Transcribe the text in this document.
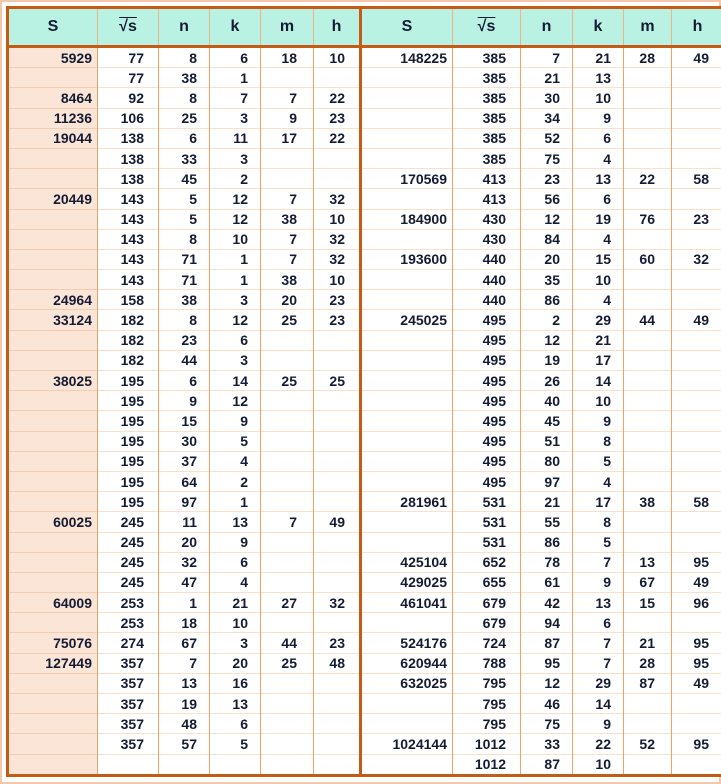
S	√s	n	k	m	h
5929	77	8	6	18	10
	77	38	1		
8464	92	8	7	7	22
11236	106	25	3	9	23
19044	138	6	11	17	22
	138	33	3		
	138	45	2		
20449	143	5	12	7	32
	143	5	12	38	10
	143	8	10	7	32
	143	71	1	7	32
	143	71	1	38	10
24964	158	38	3	20	23
33124	182	8	12	25	23
	182	23	6		
	182	44	3		
38025	195	6	14	25	25
	195	9	12		
	195	15	9		
	195	30	5		
	195	37	4		
	195	64	2		
	195	97	1		
60025	245	11	13	7	49
	245	20	9		
	245	32	6		
	245	47	4		
64009	253	1	21	27	32
	253	18	10		
75076	274	67	3	44	23
127449	357	7	20	25	48
	357	13	16		
	357	19	13		
	357	48	6		
	357	57	5		

S	√s	n	k	m	h
148225	385	7	21	28	49
	385	21	13		
	385	30	10		
	385	34	9		
	385	52	6		
	385	75	4		
170569	413	23	13	22	58
	413	56	6		
184900	430	12	19	76	23
	430	84	4		
193600	440	20	15	60	32
	440	35	10		
	440	86	4		
245025	495	2	29	44	49
	495	12	21		
	495	19	17		
	495	26	14		
	495	40	10		
	495	45	9		
	495	51	8		
	495	80	5		
	495	97	4		
281961	531	21	17	38	58
	531	55	8		
	531	86	5		
425104	652	78	7	13	95
429025	655	61	9	67	49
461041	679	42	13	15	96
	679	94	6		
524176	724	87	7	21	95
620944	788	95	7	28	95
632025	795	12	29	87	49
	795	46	14		
	795	75	9		
1024144	1012	33	22	52	95
	1012	87	10		
